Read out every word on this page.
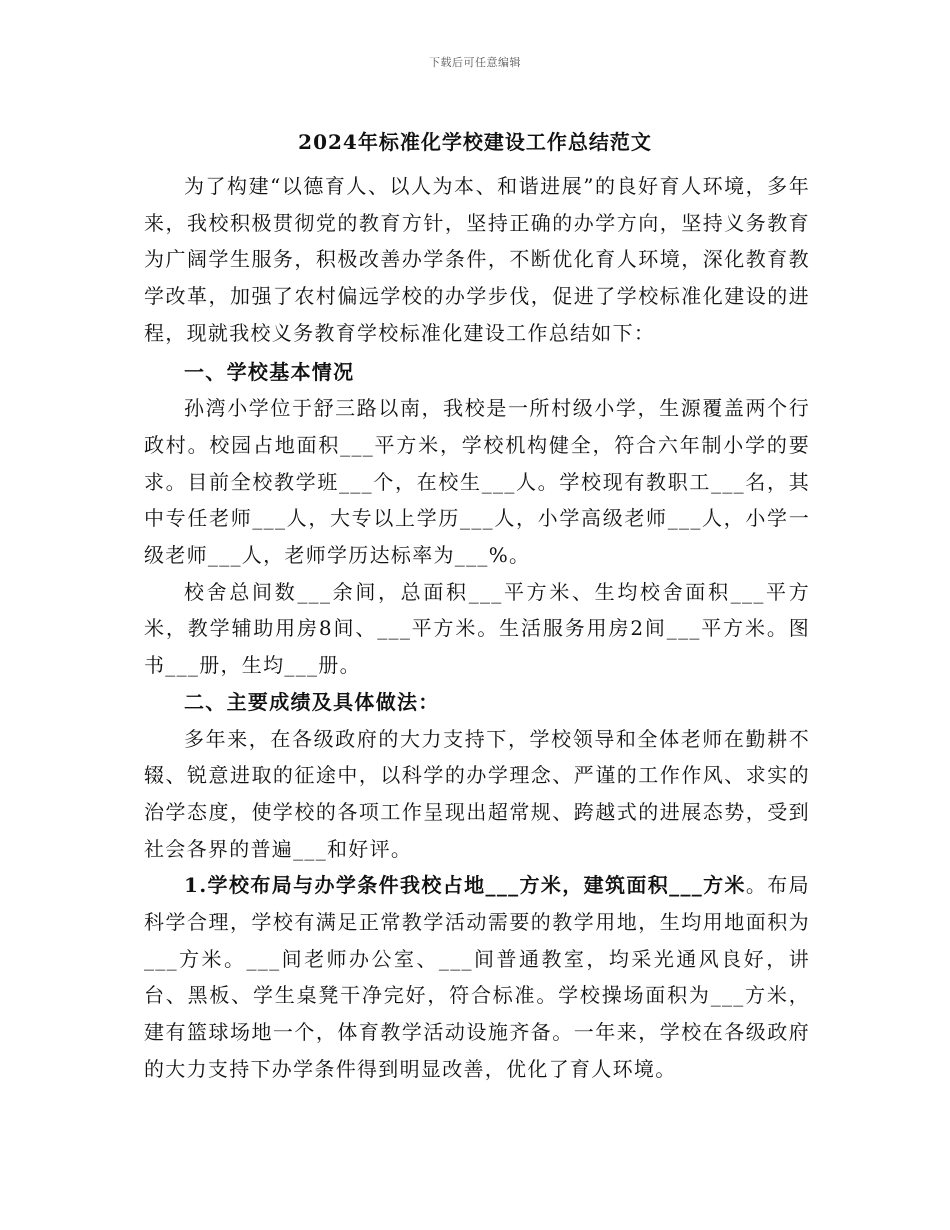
下载后可任意编辑
2024年标准化学校建设工作总结范文

为了构建“以德育人、以人为本、和谐进展”的良好育人环境，多年来，我校积极贯彻党的教育方针，坚持正确的办学方向，坚持义务教育为广阔学生服务，积极改善办学条件，不断优化育人环境，深化教育教学改革，加强了农村偏远学校的办学步伐，促进了学校标准化建设的进程，现就我校义务教育学校标准化建设工作总结如下：

一、学校基本情况

孙湾小学位于舒三路以南，我校是一所村级小学，生源覆盖两个行政村。校园占地面积___平方米，学校机构健全，符合六年制小学的要求。目前全校教学班___个，在校生___人。学校现有教职工___名，其中专任老师___人，大专以上学历___人，小学高级老师___人，小学一级老师___人，老师学历达标率为___%。

校舍总间数___余间，总面积___平方米、生均校舍面积___平方米，教学辅助用房8间、___平方米。生活服务用房2间___平方米。图书___册，生均___册。

二、主要成绩及具体做法：

多年来，在各级政府的大力支持下，学校领导和全体老师在勤耕不辍、锐意进取的征途中，以科学的办学理念、严谨的工作作风、求实的治学态度，使学校的各项工作呈现出超常规、跨越式的进展态势，受到社会各界的普遍___和好评。

1.学校布局与办学条件我校占地___方米，建筑面积___方米。布局科学合理，学校有满足正常教学活动需要的教学用地，生均用地面积为___方米。___间老师办公室、___间普通教室，均采光通风良好，讲台、黑板、学生桌凳干净完好，符合标准。学校操场面积为___方米，建有篮球场地一个，体育教学活动设施齐备。一年来，学校在各级政府的大力支持下办学条件得到明显改善，优化了育人环境。
